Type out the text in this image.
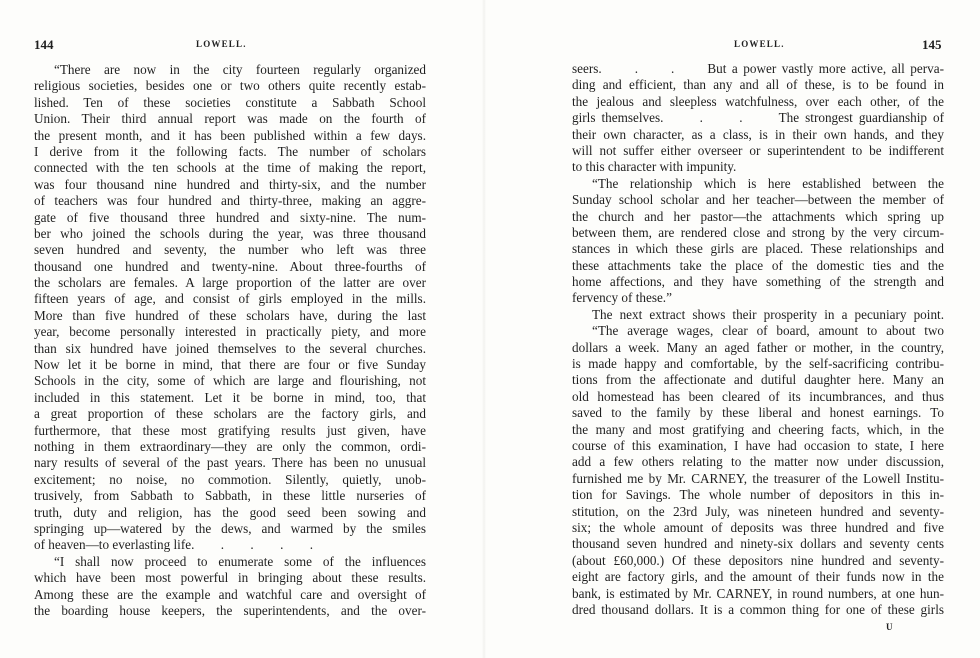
144	LOWELL.
“There are now in the city fourteen regularly organized
religious societies, besides one or two others quite recently estab-
lished. Ten of these societies constitute a Sabbath School
Union. Their third annual report was made on the fourth of
the present month, and it has been published within a few days.
I derive from it the following facts. The number of scholars
connected with the ten schools at the time of making the report,
was four thousand nine hundred and thirty-six, and the number
of teachers was four hundred and thirty-three, making an aggre-
gate of five thousand three hundred and sixty-nine. The num-
ber who joined the schools during the year, was three thousand
seven hundred and seventy, the number who left was three
thousand one hundred and twenty-nine. About three-fourths of
the scholars are females. A large proportion of the latter are over
fifteen years of age, and consist of girls employed in the mills.
More than five hundred of these scholars have, during the last
year, become personally interested in practically piety, and more
than six hundred have joined themselves to the several churches.
Now let it be borne in mind, that there are four or five Sunday
Schools in the city, some of which are large and flourishing, not
included in this statement. Let it be borne in mind, too, that
a great proportion of these scholars are the factory girls, and
furthermore, that these most gratifying results just given, have
nothing in them extraordinary—they are only the common, ordi-
nary results of several of the past years. There has been no unusual
excitement; no noise, no commotion. Silently, quietly, unob-
trusively, from Sabbath to Sabbath, in these little nurseries of
truth, duty and religion, has the good seed been sowing and
springing up—watered by the dews, and warmed by the smiles
of heaven—to everlasting life.        .        .        .        .
“I shall now proceed to enumerate some of the influences
which have been most powerful in bringing about these results.
Among these are the example and watchful care and oversight of
the boarding house keepers, the superintendents, and the over-
LOWELL.	145
seers.      .      .      But a power vastly more active, all perva-
ding and efficient, than any and all of these, is to be found in
the jealous and sleepless watchfulness, over each other, of the
girls themselves.      .      .      The strongest guardianship of
their own character, as a class, is in their own hands, and they
will not suffer either overseer or superintendent to be indifferent
to this character with impunity.
“The relationship which is here established between the
Sunday school scholar and her teacher—between the member of
the church and her pastor—the attachments which spring up
between them, are rendered close and strong by the very circum-
stances in which these girls are placed. These relationships and
these attachments take the place of the domestic ties and the
home affections, and they have something of the strength and
fervency of these.”
The next extract shows their prosperity in a pecuniary point.
“The average wages, clear of board, amount to about two
dollars a week. Many an aged father or mother, in the country,
is made happy and comfortable, by the self-sacrificing contribu-
tions from the affectionate and dutiful daughter here. Many an
old homestead has been cleared of its incumbrances, and thus
saved to the family by these liberal and honest earnings. To
the many and most gratifying and cheering facts, which, in the
course of this examination, I have had occasion to state, I here
add a few others relating to the matter now under discussion,
furnished me by Mr. CARNEY, the treasurer of the Lowell Institu-
tion for Savings. The whole number of depositors in this in-
stitution, on the 23rd July, was nineteen hundred and seventy-
six; the whole amount of deposits was three hundred and five
thousand seven hundred and ninety-six dollars and seventy cents
(about £60,000.) Of these depositors nine hundred and seventy-
eight are factory girls, and the amount of their funds now in the
bank, is estimated by Mr. CARNEY, in round numbers, at one hun-
dred thousand dollars. It is a common thing for one of these girls
U
